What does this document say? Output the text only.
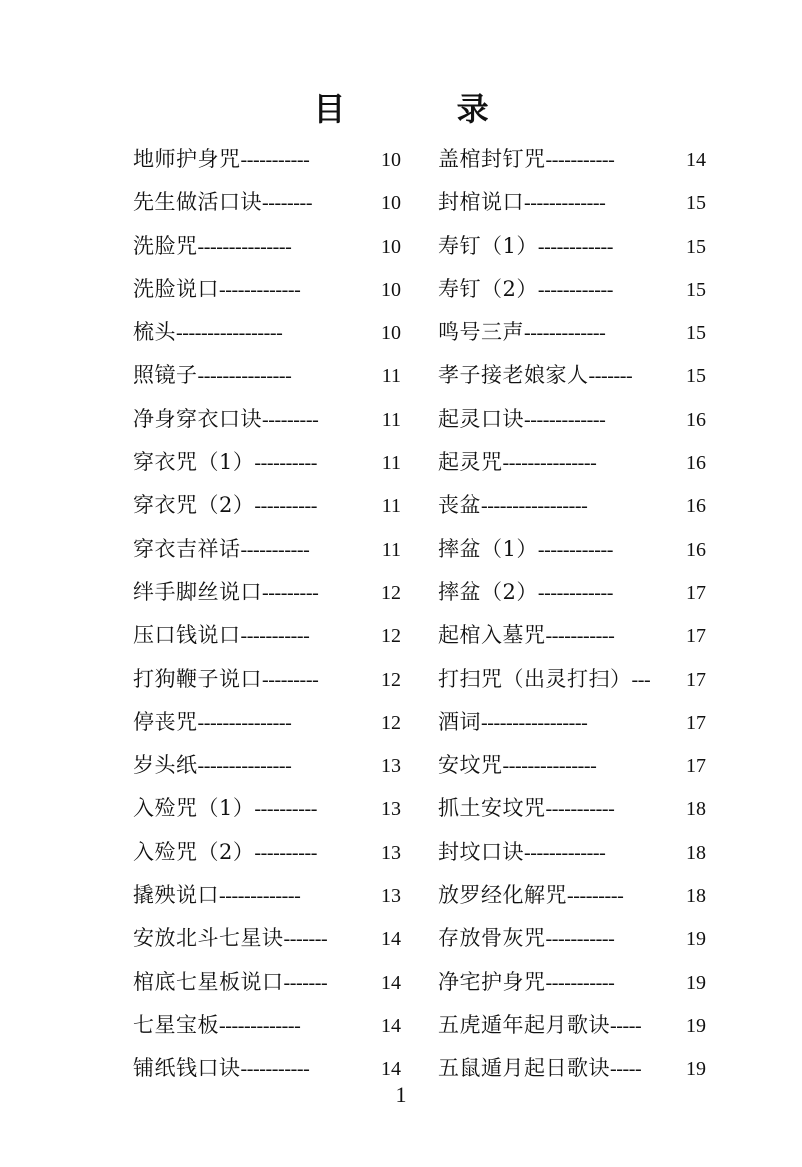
目 录
地师护身咒 -----------	10
先生做活口诀 --------	10
洗脸咒 ---------------	10
洗脸说口 -------------	10
梳头 -----------------	10
照镜子 ---------------	11
净身穿衣口诀 ---------	11
穿衣咒（1） ----------	11
穿衣咒（2） ----------	11
穿衣吉祥话 -----------	11
绊手脚丝说口 ---------	12
压口钱说口 -----------	12
打狗鞭子说口 ---------	12
停丧咒 ---------------	12
岁头纸 ---------------	13
入殓咒（1） ----------	13
入殓咒（2） ----------	13
撬殃说口 -------------	13
安放北斗七星诀 -------	14
棺底七星板说口 -------	14
七星宝板 -------------	14
铺纸钱口诀 -----------	14
盖棺封钉咒 -----------	14
封棺说口 -------------	15
寿钉（1） ------------	15
寿钉（2） ------------	15
鸣号三声 -------------	15
孝子接老娘家人 -------	15
起灵口诀 -------------	16
起灵咒 ---------------	16
丧盆 -----------------	16
摔盆（1） ------------	16
摔盆（2） ------------	17
起棺入墓咒 -----------	17
打扫咒（出灵打扫） ---	17
酒词 -----------------	17
安坟咒 ---------------	17
抓土安坟咒 -----------	18
封坟口诀 -------------	18
放罗经化解咒 ---------	18
存放骨灰咒 -----------	19
净宅护身咒 -----------	19
五虎遁年起月歌诀 -----	19
五鼠遁月起日歌诀 -----	19
1
